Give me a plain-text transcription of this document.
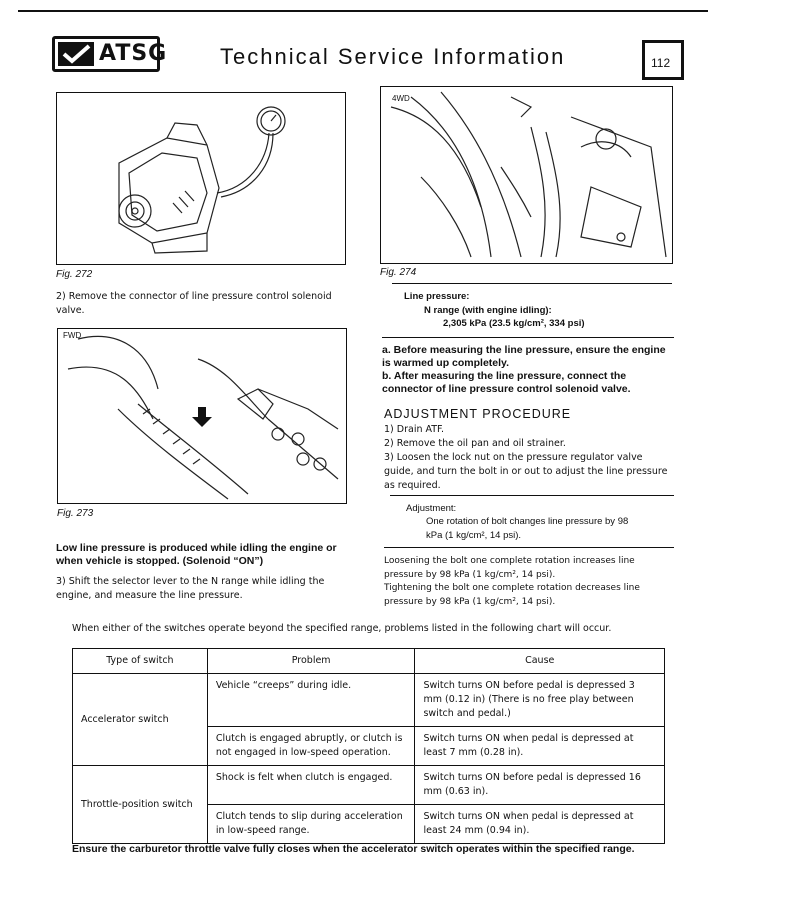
ATSG Technical Service Information	112
Fig. 272
2) Remove the connector of line pressure control solenoid valve.
FWD
Fig. 273
Low line pressure is produced while idling the engine or when vehicle is stopped. (Solenoid “ON”)
3) Shift the selector lever to the N range while idling the engine, and measure the line pressure.
4WD
Fig. 274
Line pressure:
N range (with engine idling):
2,305 kPa (23.5 kg/cm², 334 psi)
a. Before measuring the line pressure, ensure the engine is warmed up completely.
b. After measuring the line pressure, connect the connector of line pressure control solenoid valve.
ADJUSTMENT PROCEDURE
1) Drain ATF.
2) Remove the oil pan and oil strainer.
3) Loosen the lock nut on the pressure regulator valve guide, and turn the bolt in or out to adjust the line pressure as required.
Adjustment:
One rotation of bolt changes line pressure by 98 kPa (1 kg/cm², 14 psi).
Loosening the bolt one complete rotation increases line pressure by 98 kPa (1 kg/cm², 14 psi).
Tightening the bolt one complete rotation decreases line pressure by 98 kPa (1 kg/cm², 14 psi).
When either of the switches operate beyond the specified range, problems listed in the following chart will occur.
Type of switch	Problem	Cause
Accelerator switch	Vehicle “creeps” during idle.	Switch turns ON before pedal is depressed 3 mm (0.12 in) (There is no free play between switch and pedal.)
	Clutch is engaged abruptly, or clutch is not engaged in low-speed operation.	Switch turns ON when pedal is depressed at least 7 mm (0.28 in).
Throttle-position switch	Shock is felt when clutch is engaged.	Switch turns ON before pedal is depressed 16 mm (0.63 in).
	Clutch tends to slip during acceleration in low-speed range.	Switch turns ON when pedal is depressed at least 24 mm (0.94 in).
Ensure the carburetor throttle valve fully closes when the accelerator switch operates within the specified range.
